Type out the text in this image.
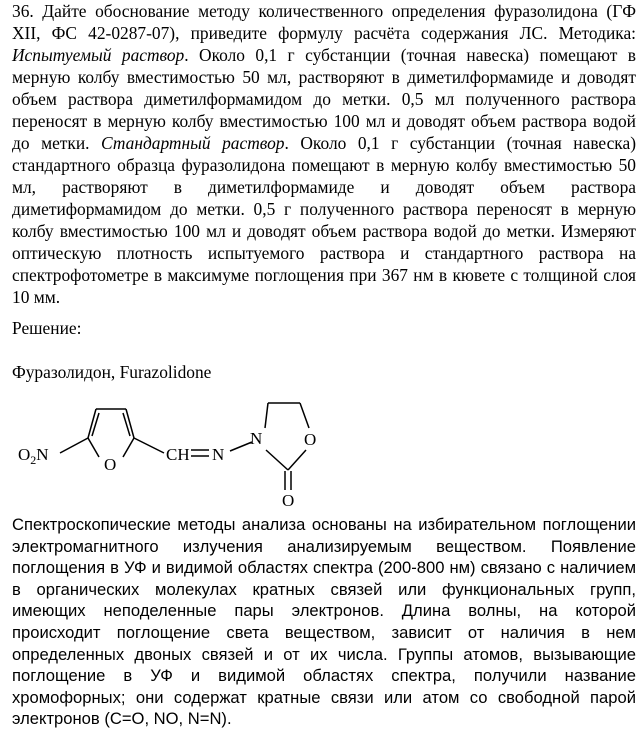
36. Дайте обоснование методу количественного определения фуразолидона (ГФ XII, ФС 42-0287-07), приведите формулу расчёта содержания ЛС. Методика: Испытуемый раствор. Около 0,1 г субстанции (точная навеска) помещают в мерную колбу вместимостью 50 мл, растворяют в диметилформамиде и доводят объем раствора диметилформамидом до метки. 0,5 мл полученного раствора переносят в мерную колбу вместимостью 100 мл и доводят объем раствора водой до метки. Стандартный раствор. Около 0,1 г субстанции (точная навеска) стандартного образца фуразолидона помещают в мерную колбу вместимостью 50 мл, растворяют в диметилформамиде и доводят объем раствора диметиформамидом до метки. 0,5 г полученного раствора переносят в мерную колбу вместимостью 100 мл и доводят объем раствора водой до метки. Измеряют оптическую плотность испытуемого раствора и стандартного раствора на спектрофотометре в максимуме поглощения при 367 нм в кювете с толщиной слоя 10 мм.

Решение:

Фуразолидон, Furazolidone

$O_2N$
O
CH N
N O
O

Спектроскопические методы анализа основаны на избирательном поглощении электромагнитного излучения анализируемым веществом. Появление поглощения в УФ и видимой областях спектра (200-800 нм) связано с наличием в органических молекулах кратных связей или функциональных групп, имеющих неподеленные пары электронов. Длина волны, на которой происходит поглощение света веществом, зависит от наличия в нем определенных двоных связей и от их числа. Группы атомов, вызывающие поглощение в УФ и видимой областях спектра, получили название хромофорных; они содержат кратные связи или атом со свободной парой электронов (C=O, NO, N=N).
